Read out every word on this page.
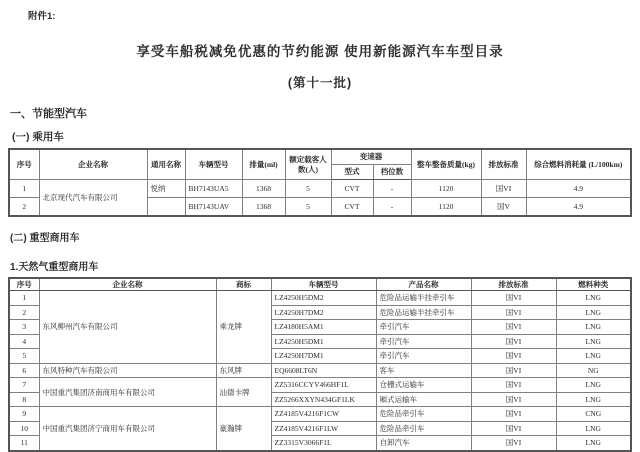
附件1:
享受车船税减免优惠的节约能源 使用新能源汽车车型目录
(第十一批)
一、节能型汽车
(一) 乘用车
序号	企业名称	通用名称	车辆型号	排量(ml)	额定载客人数(人)	变速器		整车整备质量(kg)	排放标准	综合燃料消耗量 (L/100km)
						型式	档位数			
1	北京现代汽车有限公司	悦纳	BH7143UA5	1368	5	CVT	-	1120	国VI	4.9
2			BH7143UAV	1368	5	CVT	-	1120	国V	4.9
(二) 重型商用车
1.天然气重型商用车
序号	企业名称	商标	车辆型号	产品名称	排放标准	燃料种类
1	东风柳州汽车有限公司	乘龙牌	LZ4250H5DM2	危险品运输半挂牵引车	国VI	LNG
2			LZ4250H7DM2	危险品运输半挂牵引车	国VI	LNG
3			LZ4180H5AM1	牵引汽车	国VI	LNG
4			LZ4250H5DM1	牵引汽车	国VI	LNG
5			LZ4250H7DM1	牵引汽车	国VI	LNG
6	东风特种汽车有限公司	东风牌	EQ6608LT6N	客车	国VI	NG
7	中国重汽集团济南商用车有限公司	汕德卡牌	ZZ5316CCYV466HF1L	仓栅式运输车	国VI	LNG
8			ZZ5266XXYN434GF1LK	厢式运输车	国VI	LNG
9	中国重汽集团济宁商用车有限公司	豪瀚牌	ZZ4185V4216F1CW	危险品牵引车	国VI	CNG
10			ZZ4185V4216F1LW	危险品牵引车	国VI	LNG
11			ZZ3315V3066F1L	自卸汽车	国VI	LNG
